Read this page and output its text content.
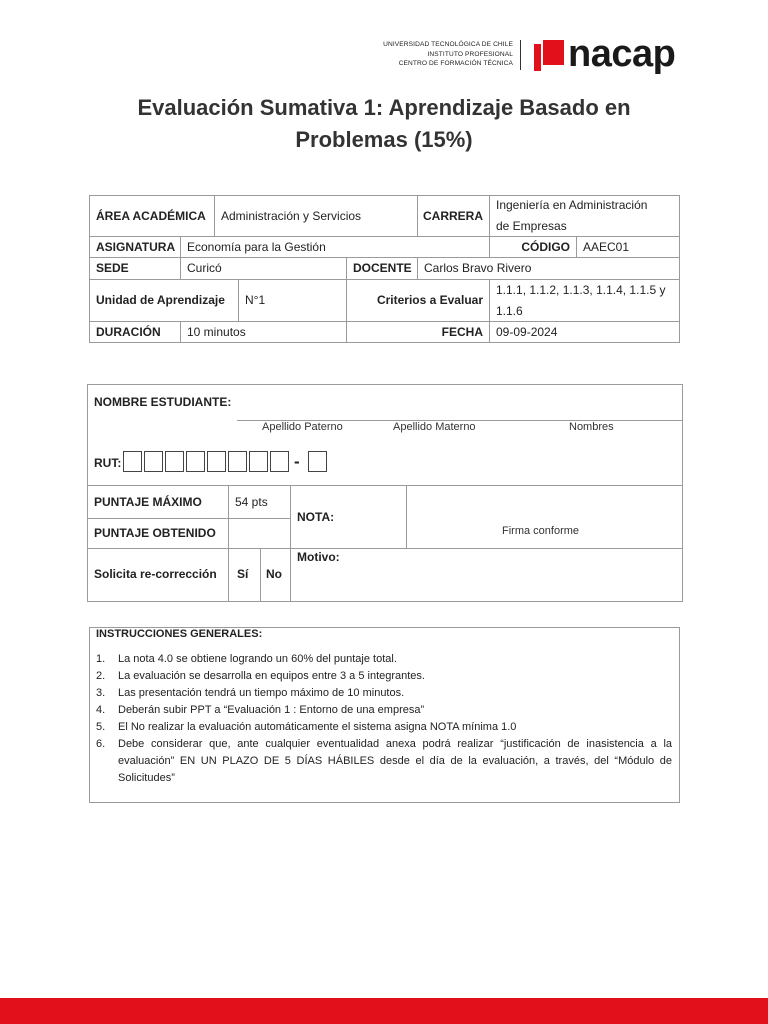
UNIVERSIDAD TECNOLÓGICA DE CHILE
INSTITUTO PROFESIONAL
CENTRO DE FORMACIÓN TÉCNICA nacap
Evaluación Sumativa 1: Aprendizaje Basado en
Problemas (15%)
ÁREA ACADÉMICA	Administración y Servicios	CARRERA
Ingeniería en Administración
de Empresas
ASIGNATURA Economía para la Gestión	CÓDIGO	AAEC01
SEDE	Curicó	DOCENTE	Carlos Bravo Rivero
Unidad de Aprendizaje	N°1	Criterios a Evaluar
1.1.1, 1.1.2, 1.1.3, 1.1.4, 1.1.5 y
1.1.6
DURACIÓN	10 minutos	FECHA	09-09-2024
NOMBRE ESTUDIANTE:
Apellido Paterno	Apellido Materno	Nombres
RUT:	-
PUNTAJE MÁXIMO	54 pts
PUNTAJE OBTENIDO
NOTA:
Firma conforme
Solicita re-corrección Sí No
Motivo:
INSTRUCCIONES GENERALES:
1.	La nota 4.0 se obtiene logrando un 60% del puntaje total.
2.	La evaluación se desarrolla en equipos entre 3 a 5 integrantes.
3.	Las presentación tendrá un tiempo máximo de 10 minutos.
4.	Deberán subir PPT a “Evaluación 1 : Entorno de una empresa”
5.	El No realizar la evaluación automáticamente el sistema asigna NOTA mínima 1.0
6.	Debe considerar que, ante cualquier eventualidad anexa podrá realizar “justificación de inasistencia a la evaluación” EN UN PLAZO DE 5 DÍAS HÁBILES desde el día de la evaluación, a través, del “Módulo de Solicitudes”
